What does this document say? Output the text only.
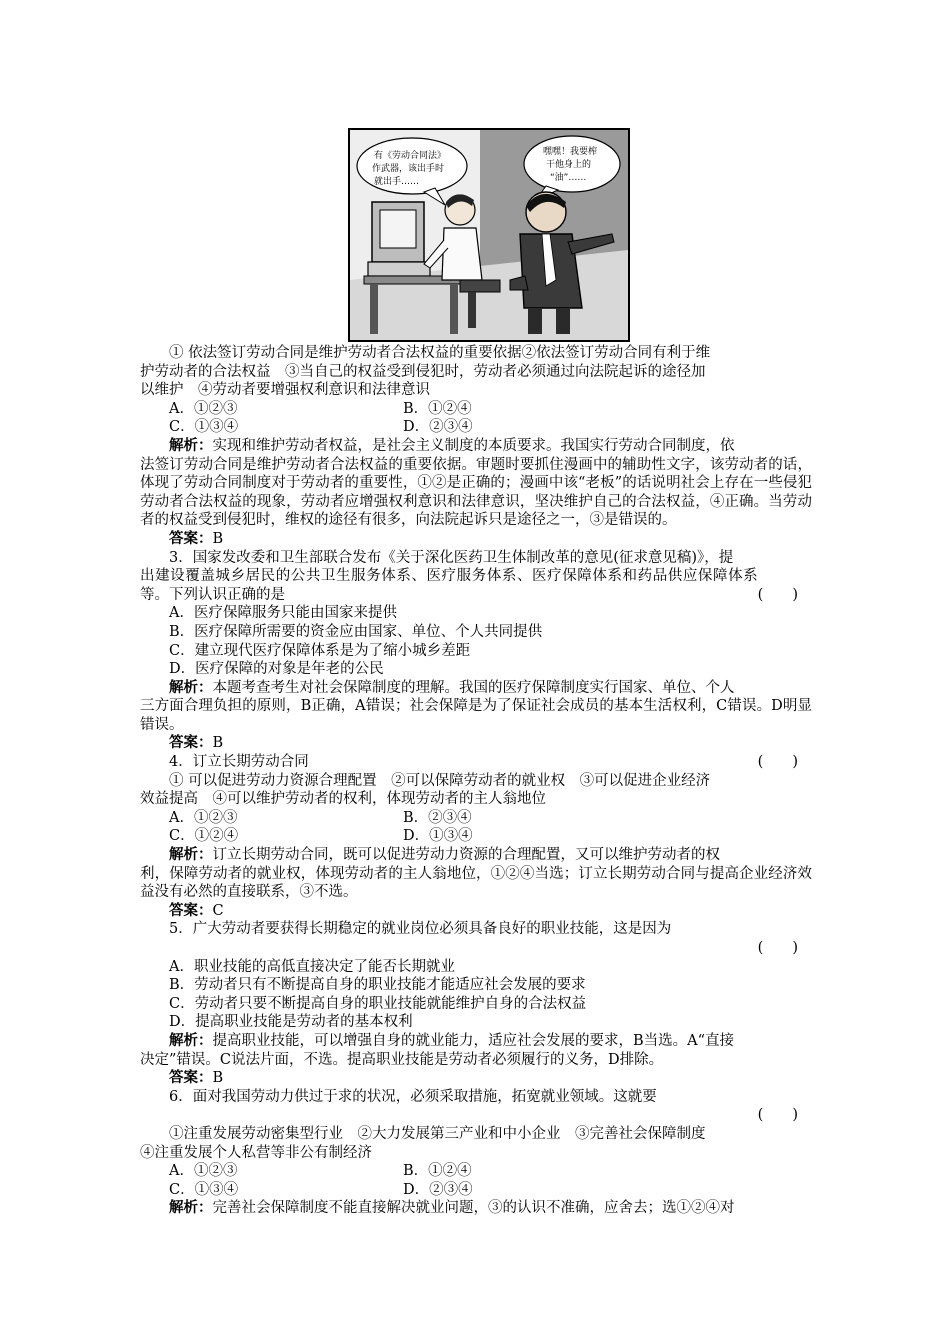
有《劳动合同法》
作武器，该出手时
就出手……
嘿嘿！我要榨
干他身上的
“油”……

① 依法签订劳动合同是维护劳动者合法权益的重要依据②依法签订劳动合同有利于维

护劳动者的合法权益　③当自己的权益受到侵犯时，劳动者必须通过向法院起诉的途径加

以维护　④劳动者要增强权利意识和法律意识

A．①②③	B．①②④
C．①③④	D．②③④

解析：实现和维护劳动者权益，是社会主义制度的本质要求。我国实行劳动合同制度，依

法签订劳动合同是维护劳动者合法权益的重要依据。审题时要抓住漫画中的辅助性文字，该劳动者的话，体现了劳动合同制度对于劳动者的重要性，①②是正确的；漫画中该“老板”的话说明社会上存在一些侵犯劳动者合法权益的现象，劳动者应增强权利意识和法律意识，坚决维护自己的合法权益，④正确。当劳动者的权益受到侵犯时，维权的途径有很多，向法院起诉只是途径之一，③是错误的。

答案：B

3．国家发改委和卫生部联合发布《关于深化医药卫生体制改革的意见(征求意见稿)》，提

(　　)
出建设覆盖城乡居民的公共卫生服务体系、医疗服务体系、医疗保障体系和药品供应保障体系等。下列认识正确的是

A．医疗保障服务只能由国家来提供

B．医疗保障所需要的资金应由国家、单位、个人共同提供

C．建立现代医疗保障体系是为了缩小城乡差距

D．医疗保障的对象是年老的公民

解析：本题考查考生对社会保障制度的理解。我国的医疗保障制度实行国家、单位、个人

三方面合理负担的原则，B正确，A错误；社会保障是为了保证社会成员的基本生活权利，C错误。D明显错误。

答案：B

(　　)
4．订立长期劳动合同

① 可以促进劳动力资源合理配置　②可以保障劳动者的就业权　③可以促进企业经济

效益提高　④可以维护劳动者的权利，体现劳动者的主人翁地位

A．①②③	B．②③④
C．①②④	D．①③④

解析：订立长期劳动合同，既可以促进劳动力资源的合理配置，又可以维护劳动者的权

利，保障劳动者的就业权，体现劳动者的主人翁地位，①②④当选；订立长期劳动合同与提高企业经济效益没有必然的直接联系，③不选。

答案：C

5．广大劳动者要获得长期稳定的就业岗位必须具备良好的职业技能，这是因为

(　　)

A．职业技能的高低直接决定了能否长期就业

B．劳动者只有不断提高自身的职业技能才能适应社会发展的要求

C．劳动者只要不断提高自身的职业技能就能维护自身的合法权益

D．提高职业技能是劳动者的基本权利

解析：提高职业技能，可以增强自身的就业能力，适应社会发展的要求，B当选。A“直接

决定”错误。C说法片面，不选。提高职业技能是劳动者必须履行的义务，D排除。

答案：B

6．面对我国劳动力供过于求的状况，必须采取措施，拓宽就业领域。这就要

(　　)

①注重发展劳动密集型行业　②大力发展第三产业和中小企业　③完善社会保障制度

④注重发展个人私营等非公有制经济

A．①②③	B．①②④
C．①③④	D．②③④

解析：完善社会保障制度不能直接解决就业问题，③的认识不准确，应舍去；选①②④对
